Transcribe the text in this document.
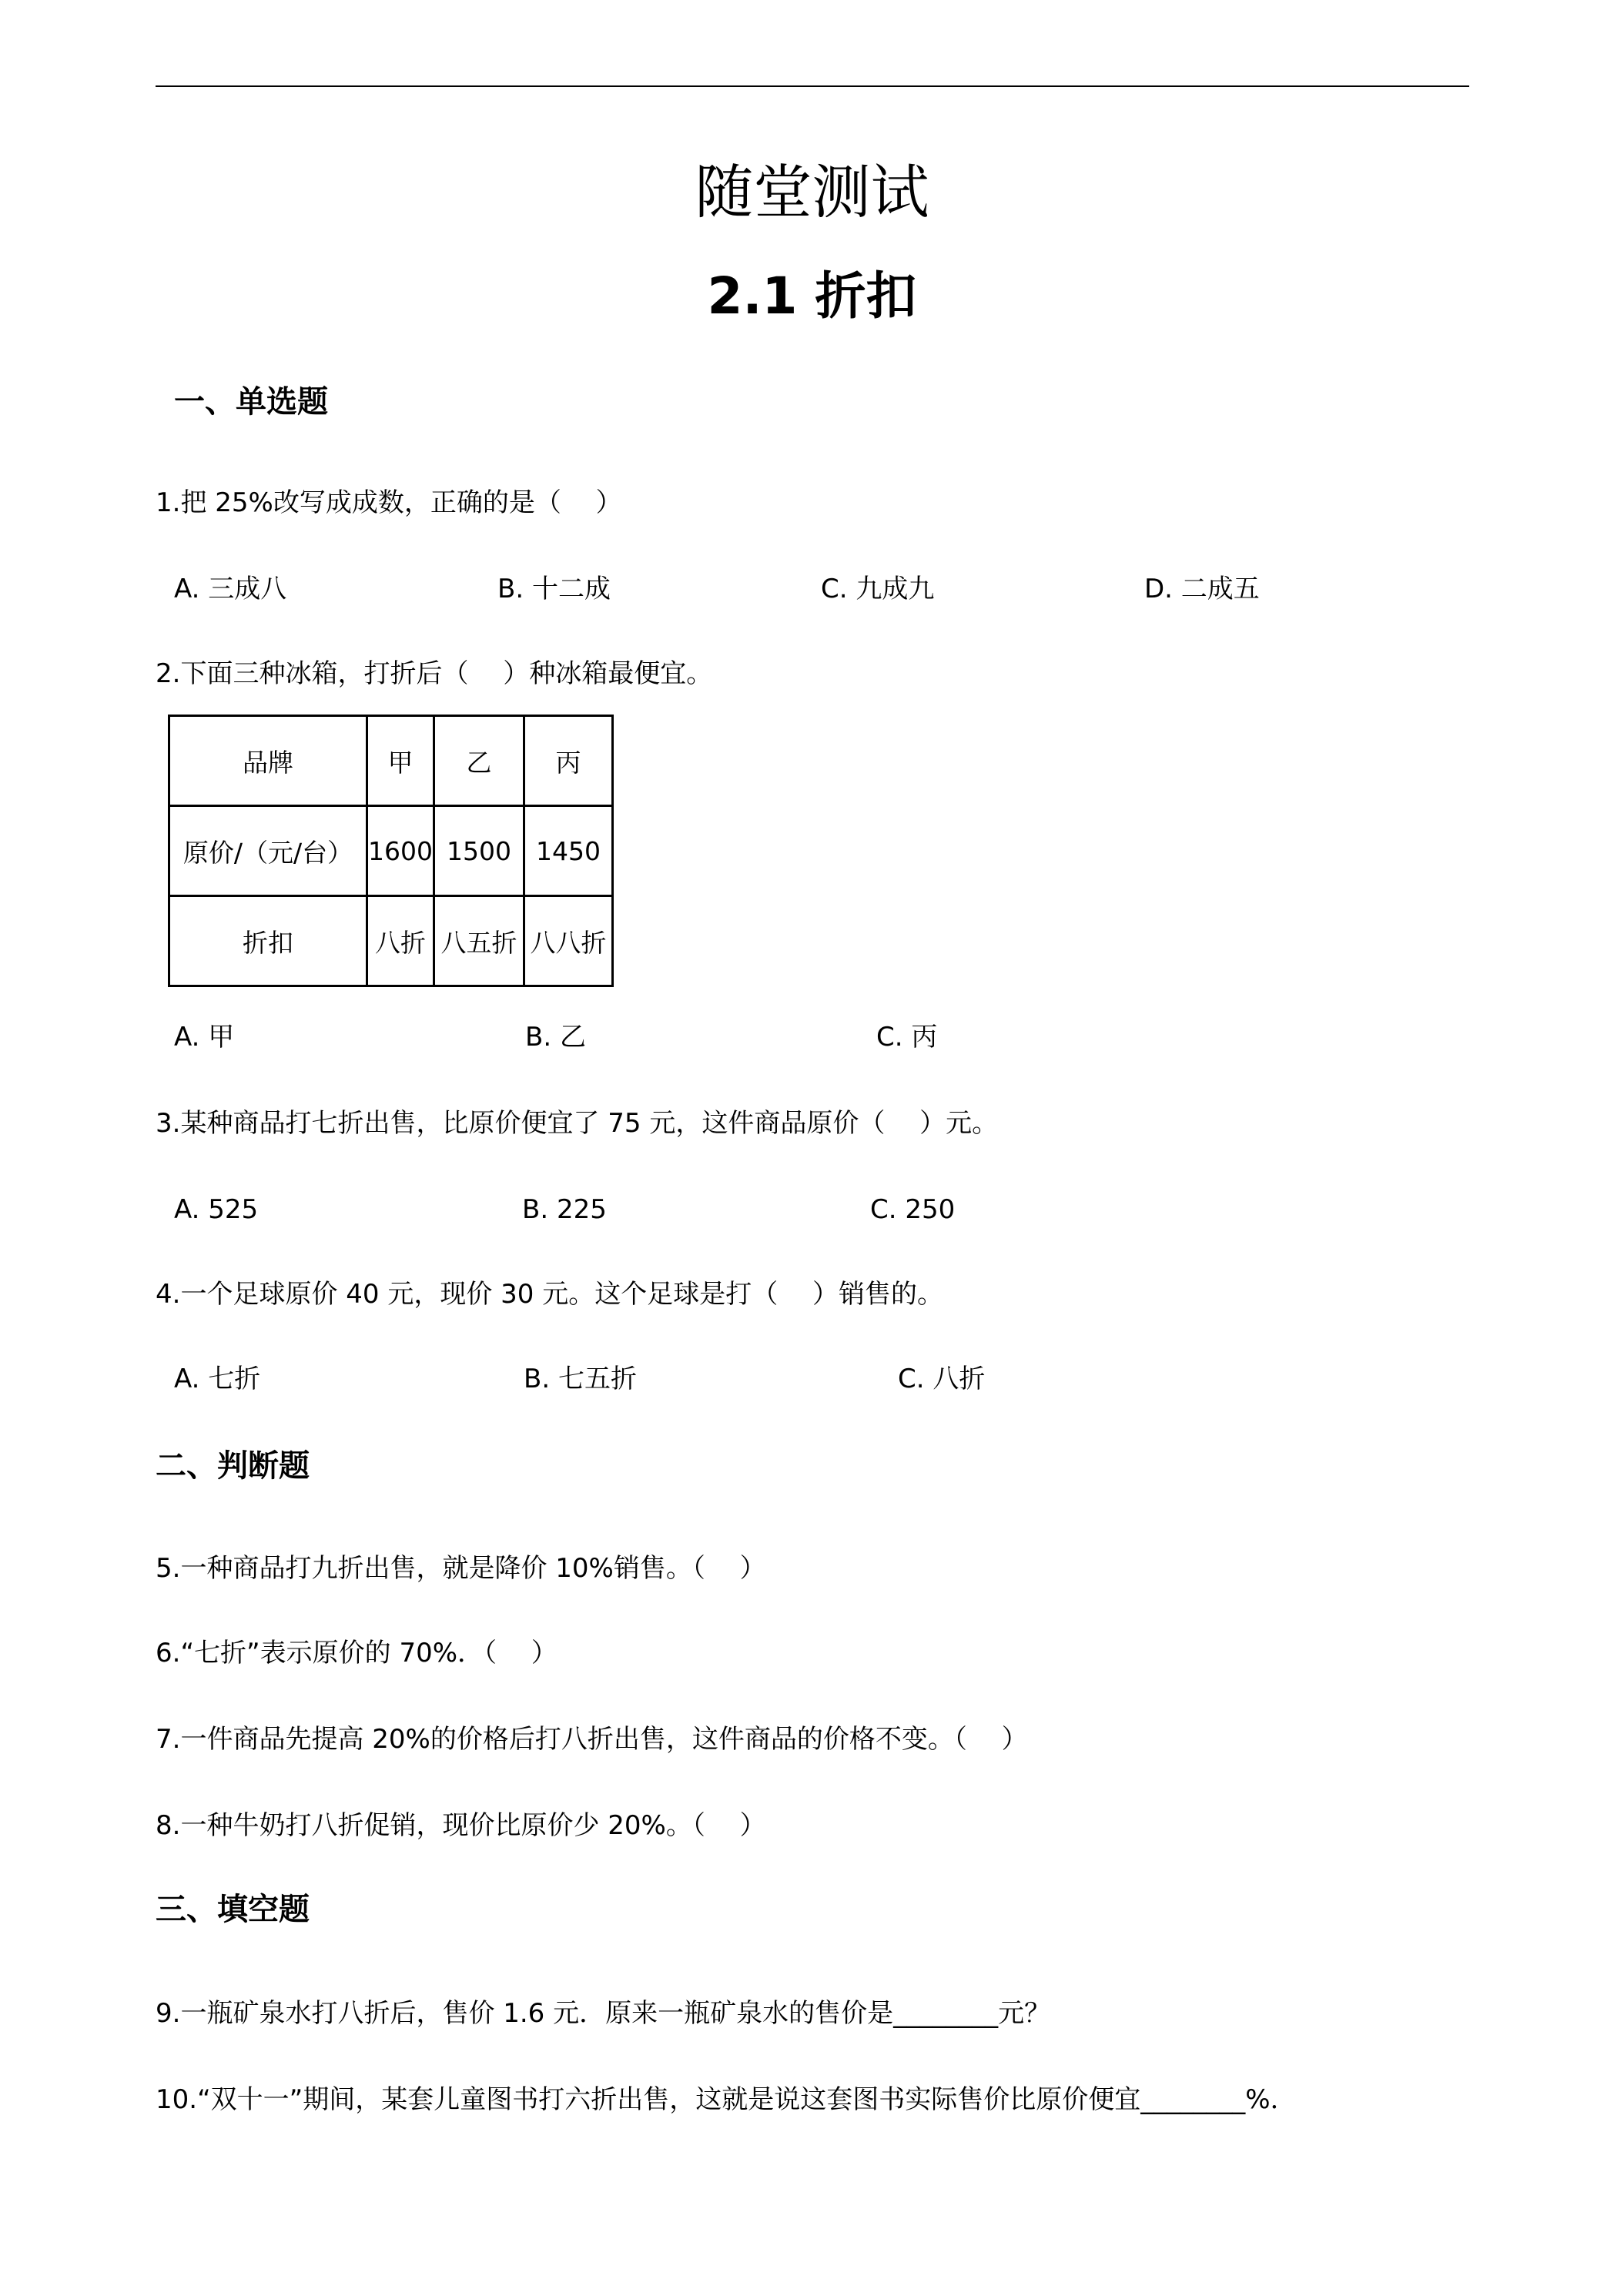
随堂测试
2.1 折扣
一、单选题
1.把 25%改写成成数，正确的是（　 ）
A. 三成八	B. 十二成	C. 九成九	D. 二成五
2.下面三种冰箱，打折后（　 ）种冰箱最便宜。
品牌	甲	乙	丙
原价/（元/台）	1600	1500	1450
折扣	八折	八五折	八八折
A. 甲	B. 乙	C. 丙
3.某种商品打七折出售，比原价便宜了 75 元，这件商品原价（　 ）元。
A. 525	B. 225	C. 250
4.一个足球原价 40 元，现价 30 元。这个足球是打（　 ）销售的。
A. 七折	B. 七五折	C. 八折
二、判断题
5.一种商品打九折出售，就是降价 10%销售。（　 ）
6.“七折”表示原价的 70%．（　 ）
7.一件商品先提高 20%的价格后打八折出售，这件商品的价格不变。（　 ）
8.一种牛奶打八折促销，现价比原价少 20%。（　 ）
三、填空题
9.一瓶矿泉水打八折后，售价 1.6 元．原来一瓶矿泉水的售价是________元？
10.“双十一”期间，某套儿童图书打六折出售，这就是说这套图书实际售价比原价便宜________%．
